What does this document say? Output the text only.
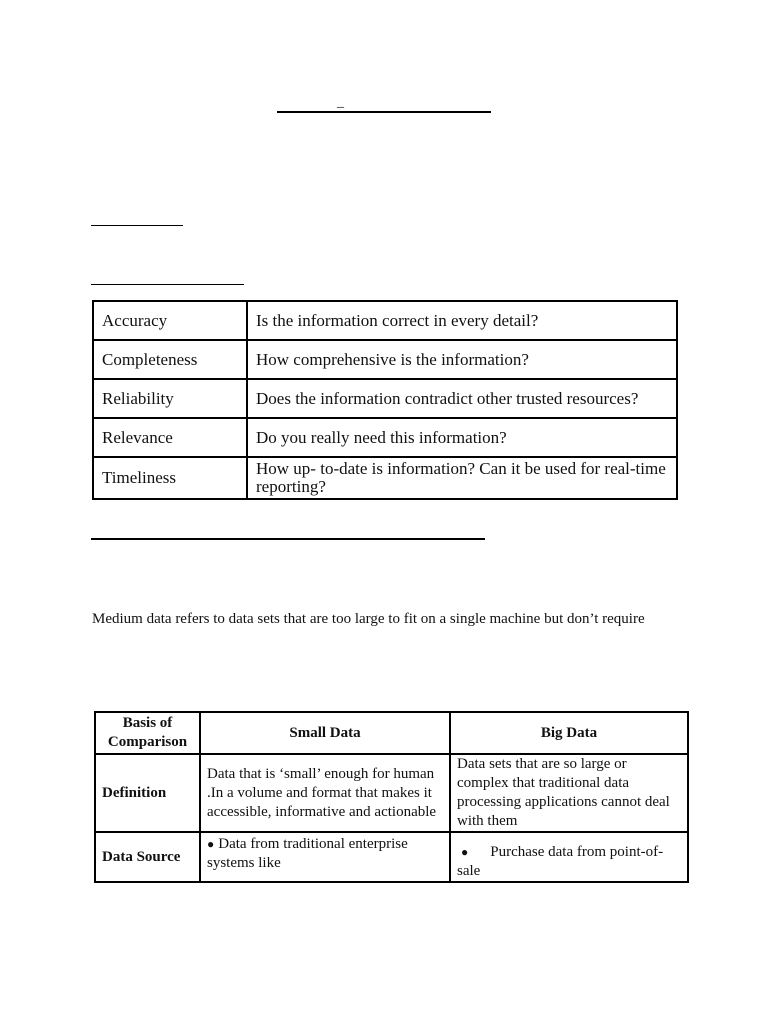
_
Accuracy	Is the information correct in every detail?
Completeness	How comprehensive is the information?
Reliability	Does the information contradict other trusted resources?
Relevance	Do you really need this information?
Timeliness	How up- to-date is information? Can it be used for real-time reporting?
Medium data refers to data sets that are too large to fit on a single machine but don’t require
Basis of Comparison	Small Data	Big Data
Definition	Data that is ‘small’ enough for human .In a volume and format that makes it accessible, informative and actionable	Data sets that are so large or complex that traditional data processing applications cannot deal with them
Data Source	● Data from traditional enterprise systems like	● Purchase data from point-of-sale
